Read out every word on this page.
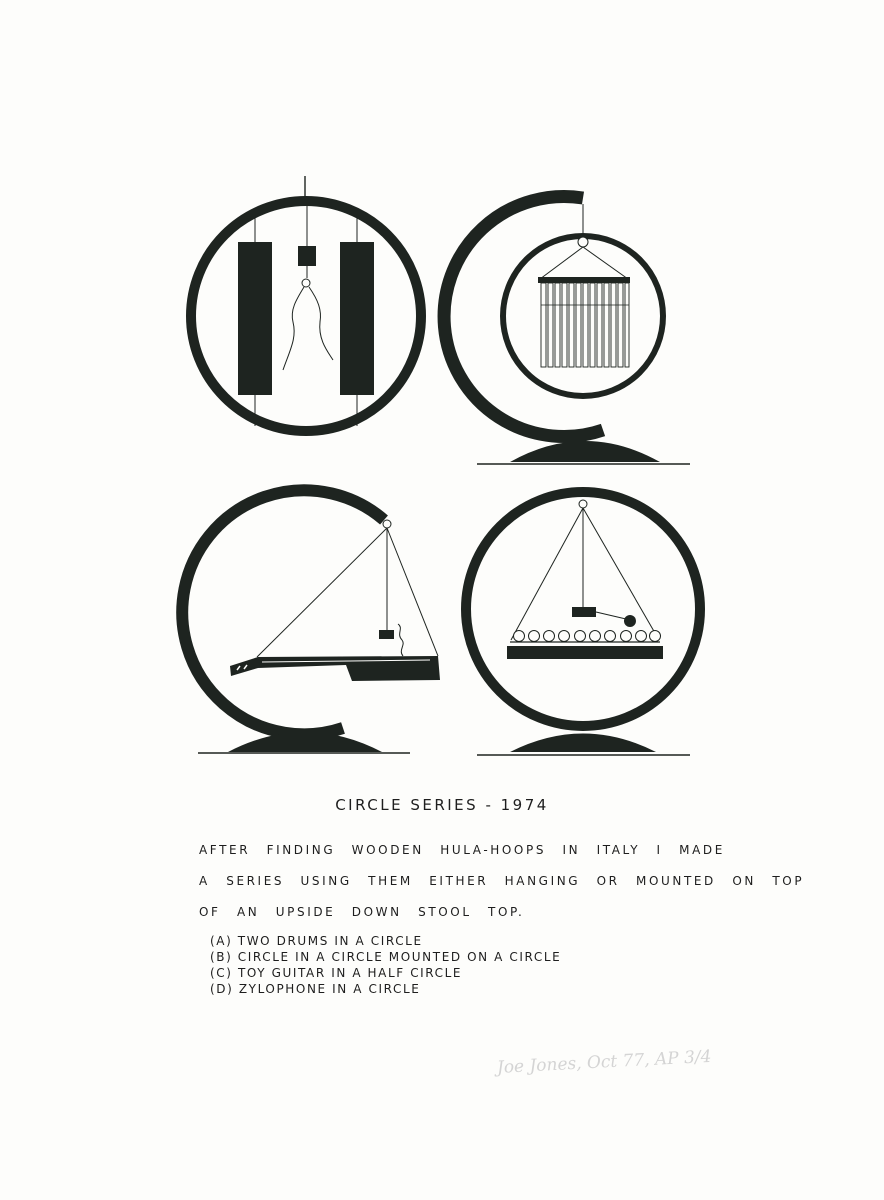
CIRCLE SERIES - 1974
AFTER FINDING WOODEN HULA-HOOPS IN ITALY I MADE
A SERIES USING THEM EITHER HANGING OR MOUNTED ON TOP
OF AN UPSIDE DOWN STOOL TOP.
(A) TWO DRUMS IN A CIRCLE
(B) CIRCLE IN A CIRCLE MOUNTED ON A CIRCLE
(C) TOY GUITAR IN A HALF CIRCLE
(D) ZYLOPHONE IN A CIRCLE
Joe Jones, Oct 77, AP 3/4
